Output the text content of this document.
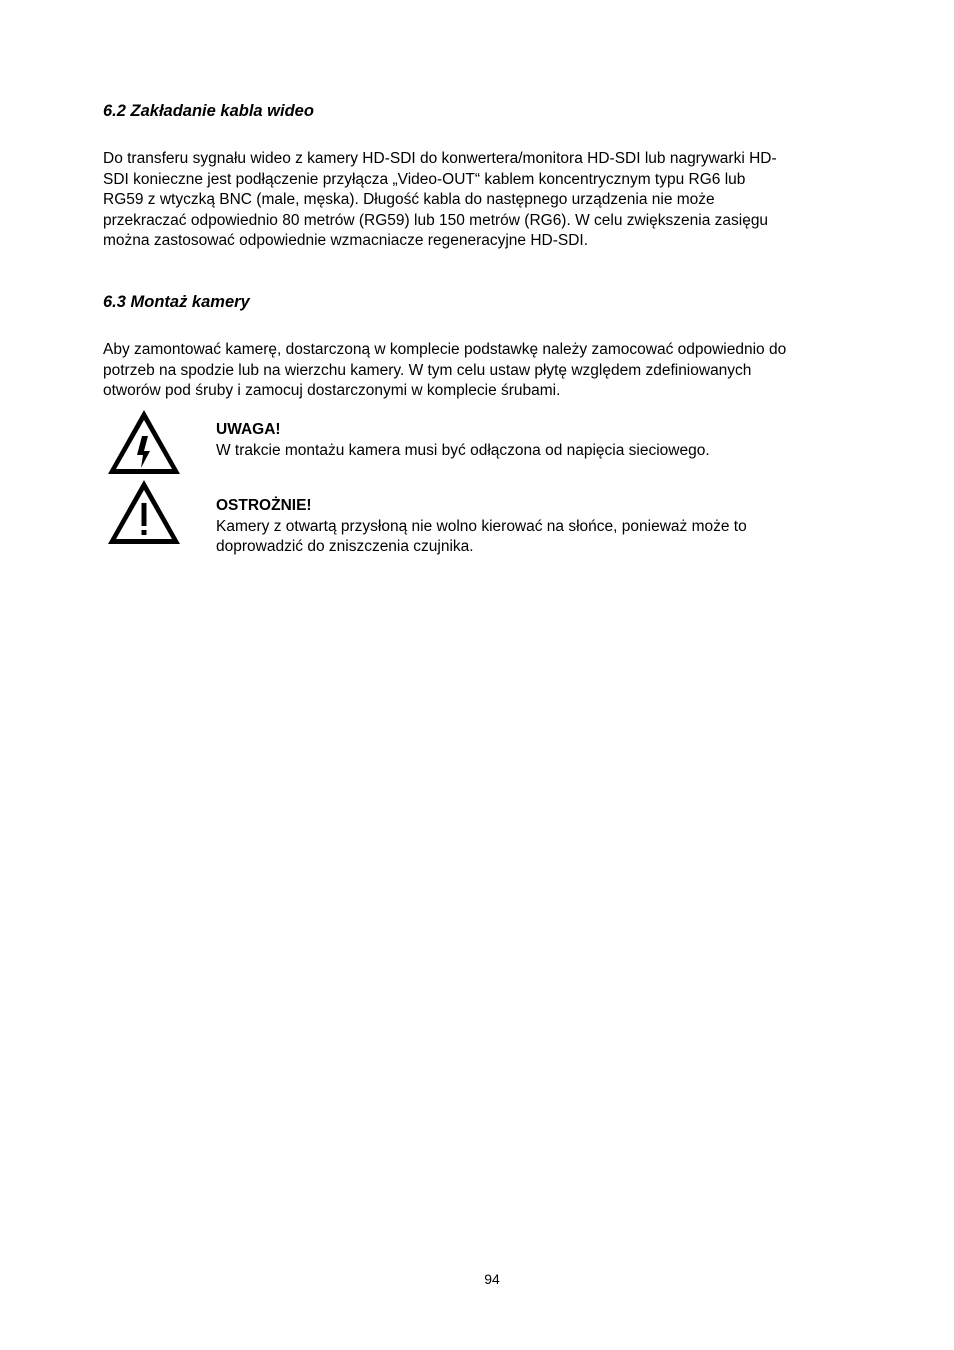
6.2 Zakładanie kabla wideo

Do transferu sygnału wideo z kamery HD-SDI do konwertera/monitora HD-SDI lub nagrywarki HD-
SDI konieczne jest podłączenie przyłącza „Video-OUT“ kablem koncentrycznym typu RG6 lub
RG59 z wtyczką BNC (male, męska). Długość kabla do następnego urządzenia nie może
przekraczać odpowiednio 80 metrów (RG59) lub 150 metrów (RG6). W celu zwiększenia zasięgu
można zastosować odpowiednie wzmacniacze regeneracyjne HD-SDI.

6.3 Montaż kamery

Aby zamontować kamerę, dostarczoną w komplecie podstawkę należy zamocować odpowiednio do
potrzeb na spodzie lub na wierzchu kamery. W tym celu ustaw płytę względem zdefiniowanych
otworów pod śruby i zamocuj dostarczonymi w komplecie śrubami.

UWAGA!
W trakcie montażu kamera musi być odłączona od napięcia sieciowego.
OSTROŻNIE!
Kamery z otwartą przysłoną nie wolno kierować na słońce, ponieważ może to
doprowadzić do zniszczenia czujnika.
94
